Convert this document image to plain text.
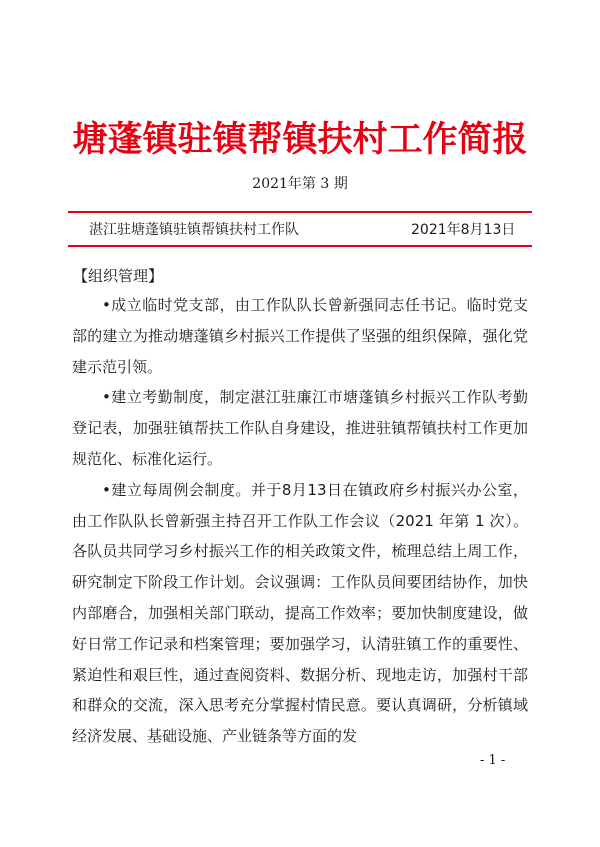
塘蓬镇驻镇帮镇扶村工作简报
2021年第 3 期
湛江驻塘蓬镇驻镇帮镇扶村工作队	2021年8月13日
【组织管理】

•成立临时党支部，由工作队队长曾新强同志任书记。临时党支部的建立为推动塘蓬镇乡村振兴工作提供了坚强的组织保障，强化党建示范引领。

•建立考勤制度，制定湛江驻廉江市塘蓬镇乡村振兴工作队考勤登记表，加强驻镇帮扶工作队自身建设，推进驻镇帮镇扶村工作更加规范化、标准化运行。

•建立每周例会制度。并于8月13日在镇政府乡村振兴办公室，由工作队队长曾新强主持召开工作队工作会议（2021 年第 1 次）。各队员共同学习乡村振兴工作的相关政策文件，梳理总结上周工作，研究制定下阶段工作计划。会议强调：工作队员间要团结协作，加快内部磨合，加强相关部门联动，提高工作效率；要加快制度建设，做好日常工作记录和档案管理；要加强学习，认清驻镇工作的重要性、紧迫性和艰巨性，通过查阅资料、数据分析、现地走访，加强村干部和群众的交流，深入思考充分掌握村情民意。要认真调研，分析镇域经济发展、基础设施、产业链条等方面的发

- 1 -
